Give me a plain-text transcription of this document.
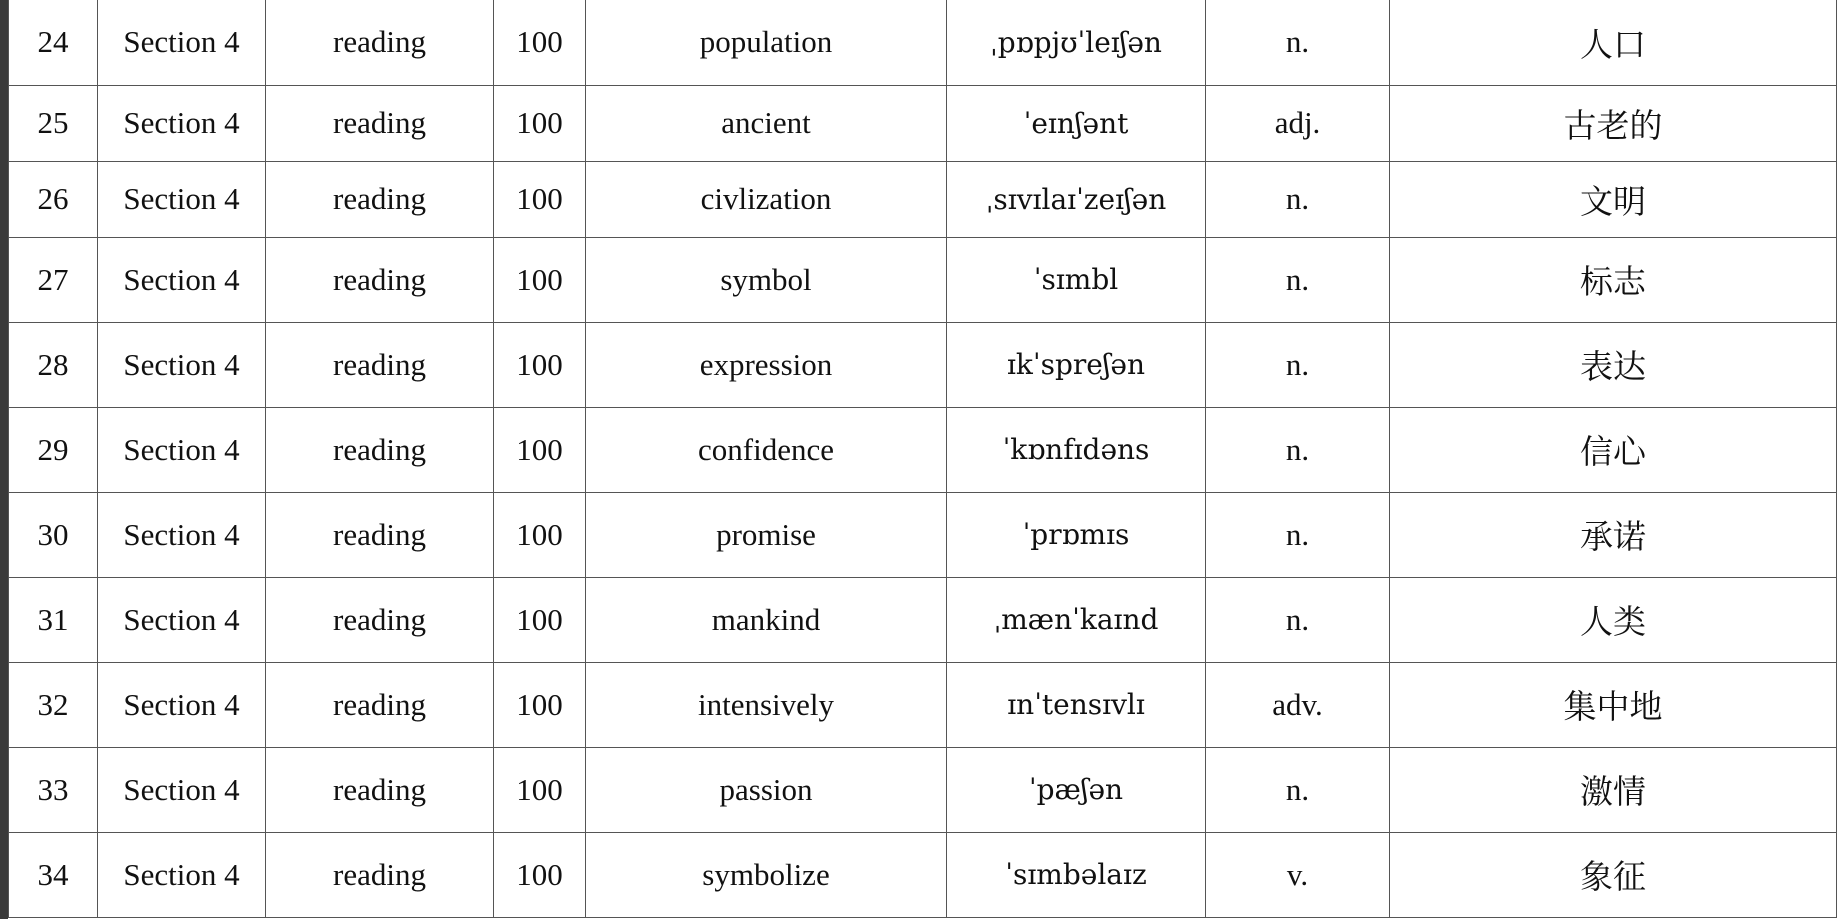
24	Section 4	reading	100	population	ˌpɒpjʊˈleɪʃən	n.	人口
25	Section 4	reading	100	ancient	ˈeɪnʃənt	adj.	古老的
26	Section 4	reading	100	civlization	ˌsɪvɪlaɪˈzeɪʃən	n.	文明
27	Section 4	reading	100	symbol	ˈsɪmbl	n.	标志
28	Section 4	reading	100	expression	ɪkˈspreʃən	n.	表达
29	Section 4	reading	100	confidence	ˈkɒnfɪdəns	n.	信心
30	Section 4	reading	100	promise	ˈprɒmɪs	n.	承诺
31	Section 4	reading	100	mankind	ˌmænˈkaɪnd	n.	人类
32	Section 4	reading	100	intensively	ɪnˈtensɪvlɪ	adv.	集中地
33	Section 4	reading	100	passion	ˈpæʃən	n.	激情
34	Section 4	reading	100	symbolize	ˈsɪmbəlaɪz	v.	象征
